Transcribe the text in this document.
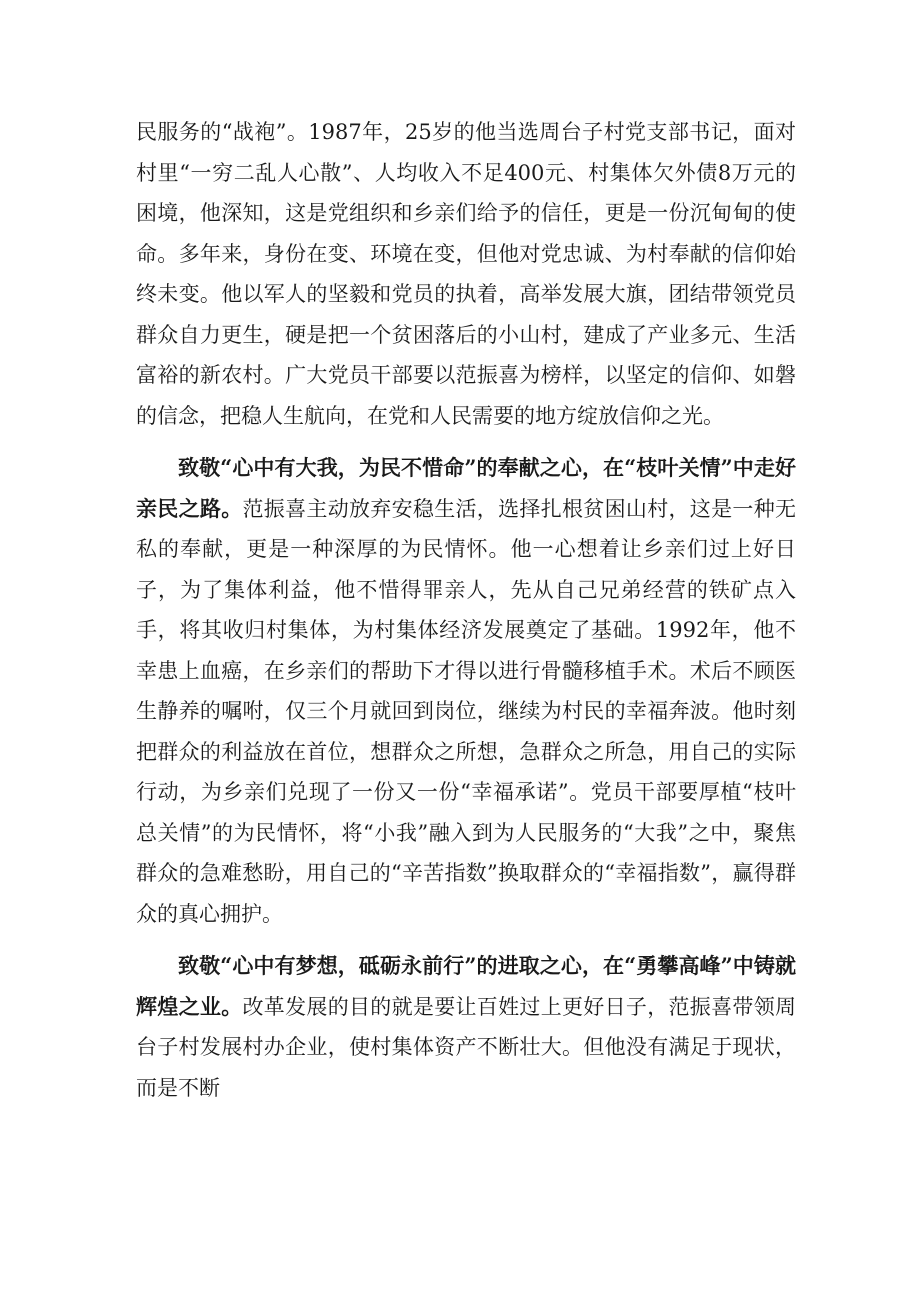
民服务的“战袍”。1987年，25岁的他当选周台子村党支部书记，面对村里“一穷二乱人心散”、人均收入不足400元、村集体欠外债8万元的困境，他深知，这是党组织和乡亲们给予的信任，更是一份沉甸甸的使命。多年来，身份在变、环境在变，但他对党忠诚、为村奉献的信仰始终未变。他以军人的坚毅和党员的执着，高举发展大旗，团结带领党员群众自力更生，硬是把一个贫困落后的小山村，建成了产业多元、生活富裕的新农村。广大党员干部要以范振喜为榜样，以坚定的信仰、如磐的信念，把稳人生航向，在党和人民需要的地方绽放信仰之光。

致敬“心中有大我，为民不惜命”的奉献之心，在“枝叶关情”中走好亲民之路。范振喜主动放弃安稳生活，选择扎根贫困山村，这是一种无私的奉献，更是一种深厚的为民情怀。他一心想着让乡亲们过上好日子，为了集体利益，他不惜得罪亲人，先从自己兄弟经营的铁矿点入手，将其收归村集体，为村集体经济发展奠定了基础。1992年，他不幸患上血癌，在乡亲们的帮助下才得以进行骨髓移植手术。术后不顾医生静养的嘱咐，仅三个月就回到岗位，继续为村民的幸福奔波。他时刻把群众的利益放在首位，想群众之所想，急群众之所急，用自己的实际行动，为乡亲们兑现了一份又一份“幸福承诺”。党员干部要厚植“枝叶总关情”的为民情怀，将“小我”融入到为人民服务的“大我”之中，聚焦群众的急难愁盼，用自己的“辛苦指数”换取群众的“幸福指数”，赢得群众的真心拥护。

致敬“心中有梦想，砥砺永前行”的进取之心，在“勇攀高峰”中铸就辉煌之业。改革发展的目的就是要让百姓过上更好日子，范振喜带领周台子村发展村办企业，使村集体资产不断壮大。但他没有满足于现状，而是不断
